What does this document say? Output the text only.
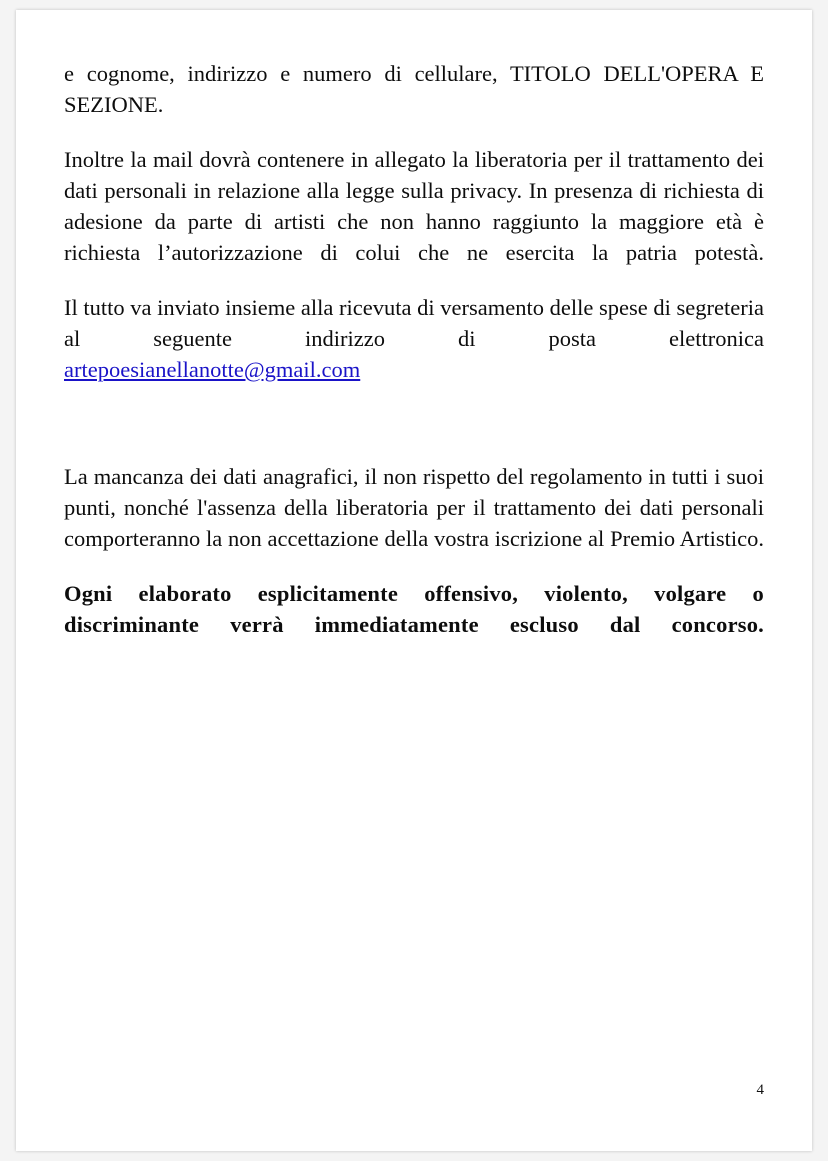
e cognome, indirizzo e numero di cellulare, TITOLO DELL'OPERA E SEZIONE.

Inoltre la mail dovrà contenere in allegato la liberatoria per il trattamento dei dati personali in relazione alla legge sulla privacy. In presenza di richiesta di adesione da parte di artisti che non hanno raggiunto la maggiore età è richiesta l’autorizzazione di colui che ne esercita la patria potestà.

Il tutto va inviato insieme alla ricevuta di versamento delle spese di segreteria al seguente indirizzo di posta elettronica

artepoesianellanotte@gmail.com

La mancanza dei dati anagrafici, il non rispetto del regolamento in tutti i suoi punti, nonché l'assenza della liberatoria per il trattamento dei dati personali comporteranno la non accettazione della vostra iscrizione al Premio Artistico.

Ogni elaborato esplicitamente offensivo, violento, volgare o discriminante verrà immediatamente escluso dal concorso.

4
